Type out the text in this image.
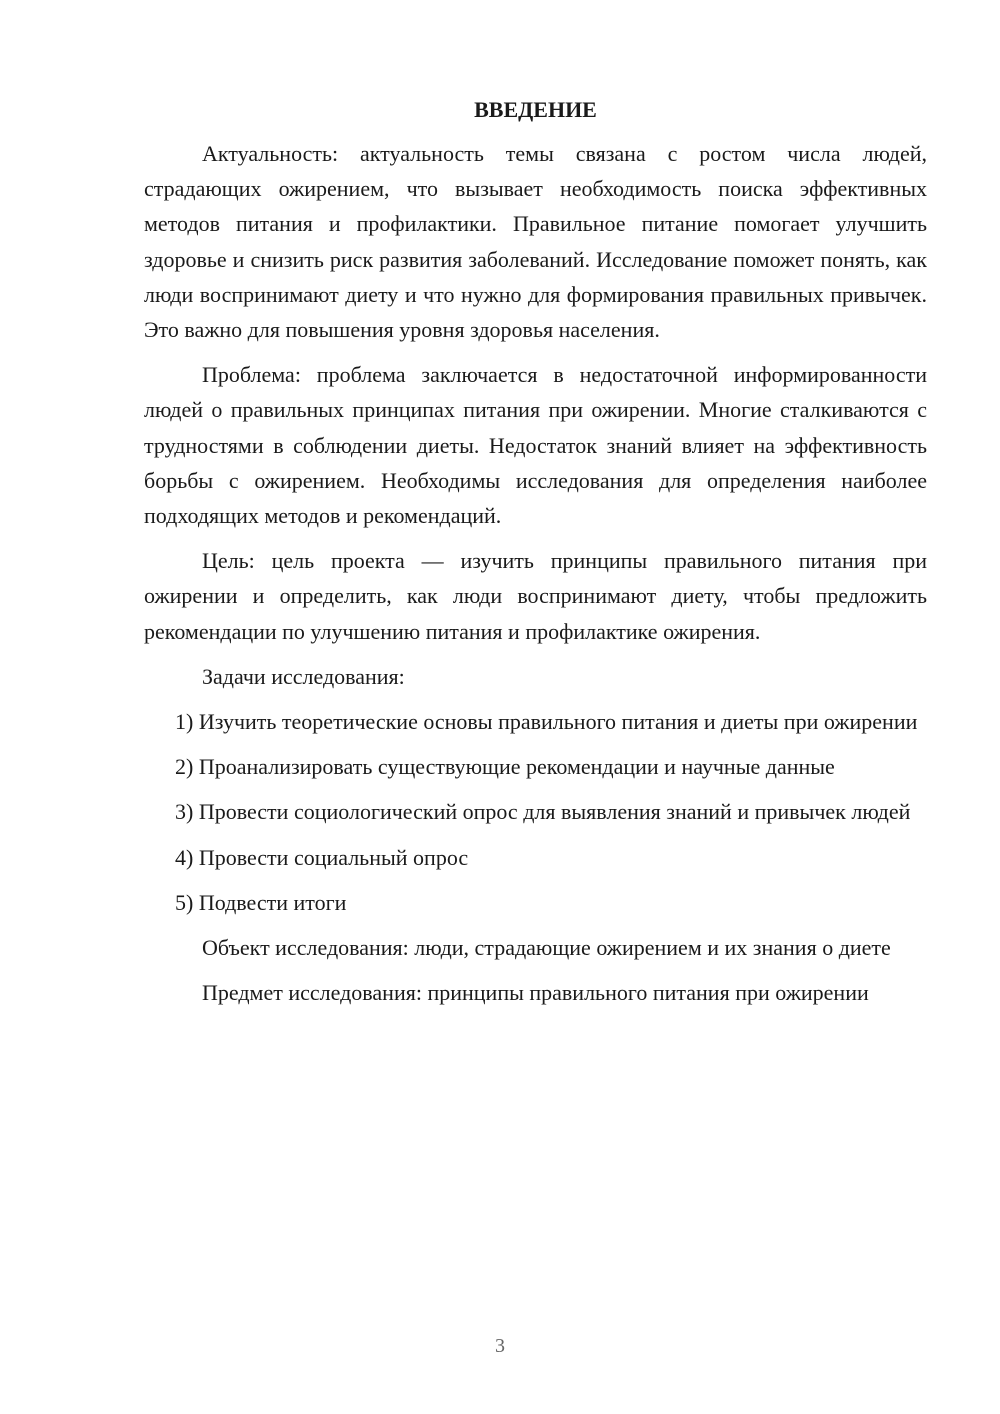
ВВЕДЕНИЕ

Актуальность: актуальность темы связана с ростом числа людей, страдающих ожирением, что вызывает необходимость поиска эффективных методов питания и профилактики. Правильное питание помогает улучшить здоровье и снизить риск развития заболеваний. Исследование поможет понять, как люди воспринимают диету и что нужно для формирования правильных привычек. Это важно для повышения уровня здоровья населения.

Проблема: проблема заключается в недостаточной информированности людей о правильных принципах питания при ожирении. Многие сталкиваются с трудностями в соблюдении диеты. Недостаток знаний влияет на эффективность борьбы с ожирением. Необходимы исследования для определения наиболее подходящих методов и рекомендаций.

Цель: цель проекта — изучить принципы правильного питания при ожирении и определить, как люди воспринимают диету, чтобы предложить рекомендации по улучшению питания и профилактике ожирения.

Задачи исследования:

1) Изучить теоретические основы правильного питания и диеты при ожирении

2) Проанализировать существующие рекомендации и научные данные

3) Провести социологический опрос для выявления знаний и привычек людей

4) Провести социальный опрос

5) Подвести итоги

Объект исследования: люди, страдающие ожирением и их знания о диете

Предмет исследования: принципы правильного питания при ожирении

3
